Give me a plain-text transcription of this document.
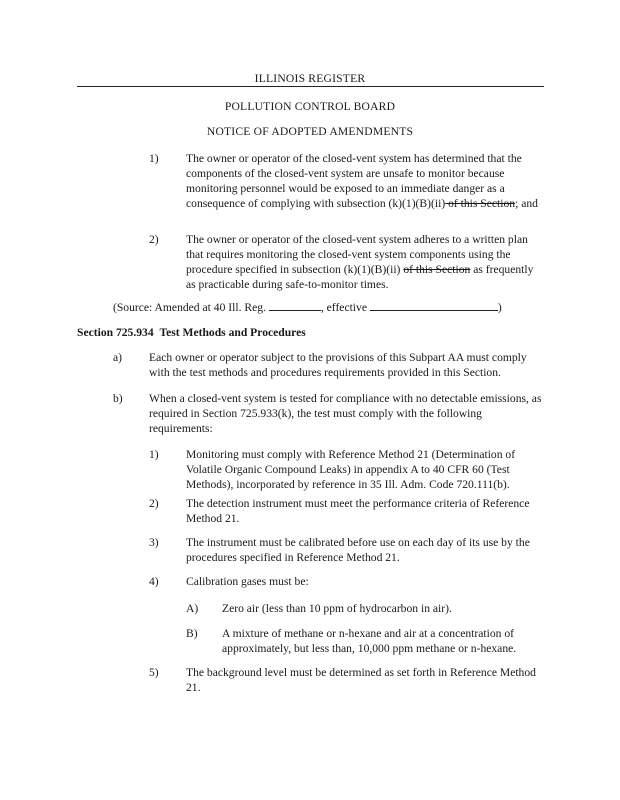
ILLINOIS REGISTER
POLLUTION CONTROL BOARD
NOTICE OF ADOPTED AMENDMENTS
1) The owner or operator of the closed-vent system has determined that the components of the closed-vent system are unsafe to monitor because monitoring personnel would be exposed to an immediate danger as a consequence of complying with subsection (k)(1)(B)(ii) of this Section; and
2) The owner or operator of the closed-vent system adheres to a written plan that requires monitoring the closed-vent system components using the procedure specified in subsection (k)(1)(B)(ii) of this Section as frequently as practicable during safe-to-monitor times.
(Source: Amended at 40 Ill. Reg.	, effective	)
Section 725.934 Test Methods and Procedures
a) Each owner or operator subject to the provisions of this Subpart AA must comply with the test methods and procedures requirements provided in this Section.
b) When a closed-vent system is tested for compliance with no detectable emissions, as required in Section 725.933(k), the test must comply with the following requirements:
1) Monitoring must comply with Reference Method 21 (Determination of Volatile Organic Compound Leaks) in appendix A to 40 CFR 60 (Test Methods), incorporated by reference in 35 Ill. Adm. Code 720.111(b).
2) The detection instrument must meet the performance criteria of Reference Method 21.
3) The instrument must be calibrated before use on each day of its use by the procedures specified in Reference Method 21.
4) Calibration gases must be:
A) Zero air (less than 10 ppm of hydrocarbon in air).
B) A mixture of methane or n-hexane and air at a concentration of approximately, but less than, 10,000 ppm methane or n-hexane.
5) The background level must be determined as set forth in Reference Method 21.
